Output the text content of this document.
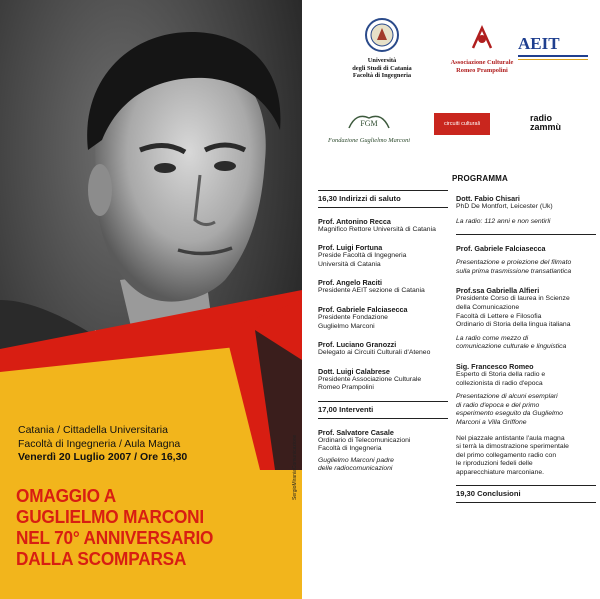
Catania / Cittadella Universitaria
Facoltà di Ingegneria / Aula Magna
Venerdì 20 Luglio 2007 / Ore 16,30
OMAGGIO A
GUGLIELMO MARCONI
NEL 70° ANNIVERSARIO
DALLA SCOMPARSA
SergioMiraniaComunicazione
Università
degli Studi di Catania
Facoltà di Ingegneria
Associazione Culturale
Romeo Prampolini
AEIT
FGM
Fondazione Guglielmo Marconi
circuiti culturali
radio
zammù
PROGRAMMA
16,30 Indirizzi di saluto
Prof. Antonino Recca
Magnifico Rettore Università di Catania
Prof. Luigi Fortuna
Preside Facoltà di Ingegneria
Università di Catania
Prof. Angelo Raciti
Presidente AEIT sezione di Catania
Prof. Gabriele Falciasecca
Presidente Fondazione
Guglielmo Marconi
Prof. Luciano Granozzi
Delegato ai Circuiti Culturali d'Ateneo
Dott. Luigi Calabrese
Presidente Associazione Culturale
Romeo Prampolini
17,00 Interventi
Prof. Salvatore Casale
Ordinario di Telecomunicazioni
Facoltà di Ingegneria
Guglielmo Marconi padre
delle radiocomunicazioni
Dott. Fabio Chisari
PhD De Montfort, Leicester (Uk)
La radio: 112 anni e non sentirli
Prof. Gabriele Falciasecca
Presentazione e proiezione del filmato
sulla prima trasmissione transatlantica
Prof.ssa Gabriella Alfieri
Presidente Corso di laurea in Scienze
della Comunicazione
Facoltà di Lettere e Filosofia
Ordinario di Storia della lingua italiana
La radio come mezzo di
comunicazione culturale e linguistica
Sig. Francesco Romeo
Esperto di Storia della radio e
collezionista di radio d'epoca
Presentazione di alcuni esemplari
di radio d'epoca e del primo
esperimento eseguito da Guglielmo
Marconi a Villa Griffone
Nel piazzale antistante l'aula magna
si terrà la dimostrazione sperimentale
del primo collegamento radio con
le riproduzioni fedeli delle
apparecchiature marconiane.
19,30 Conclusioni
